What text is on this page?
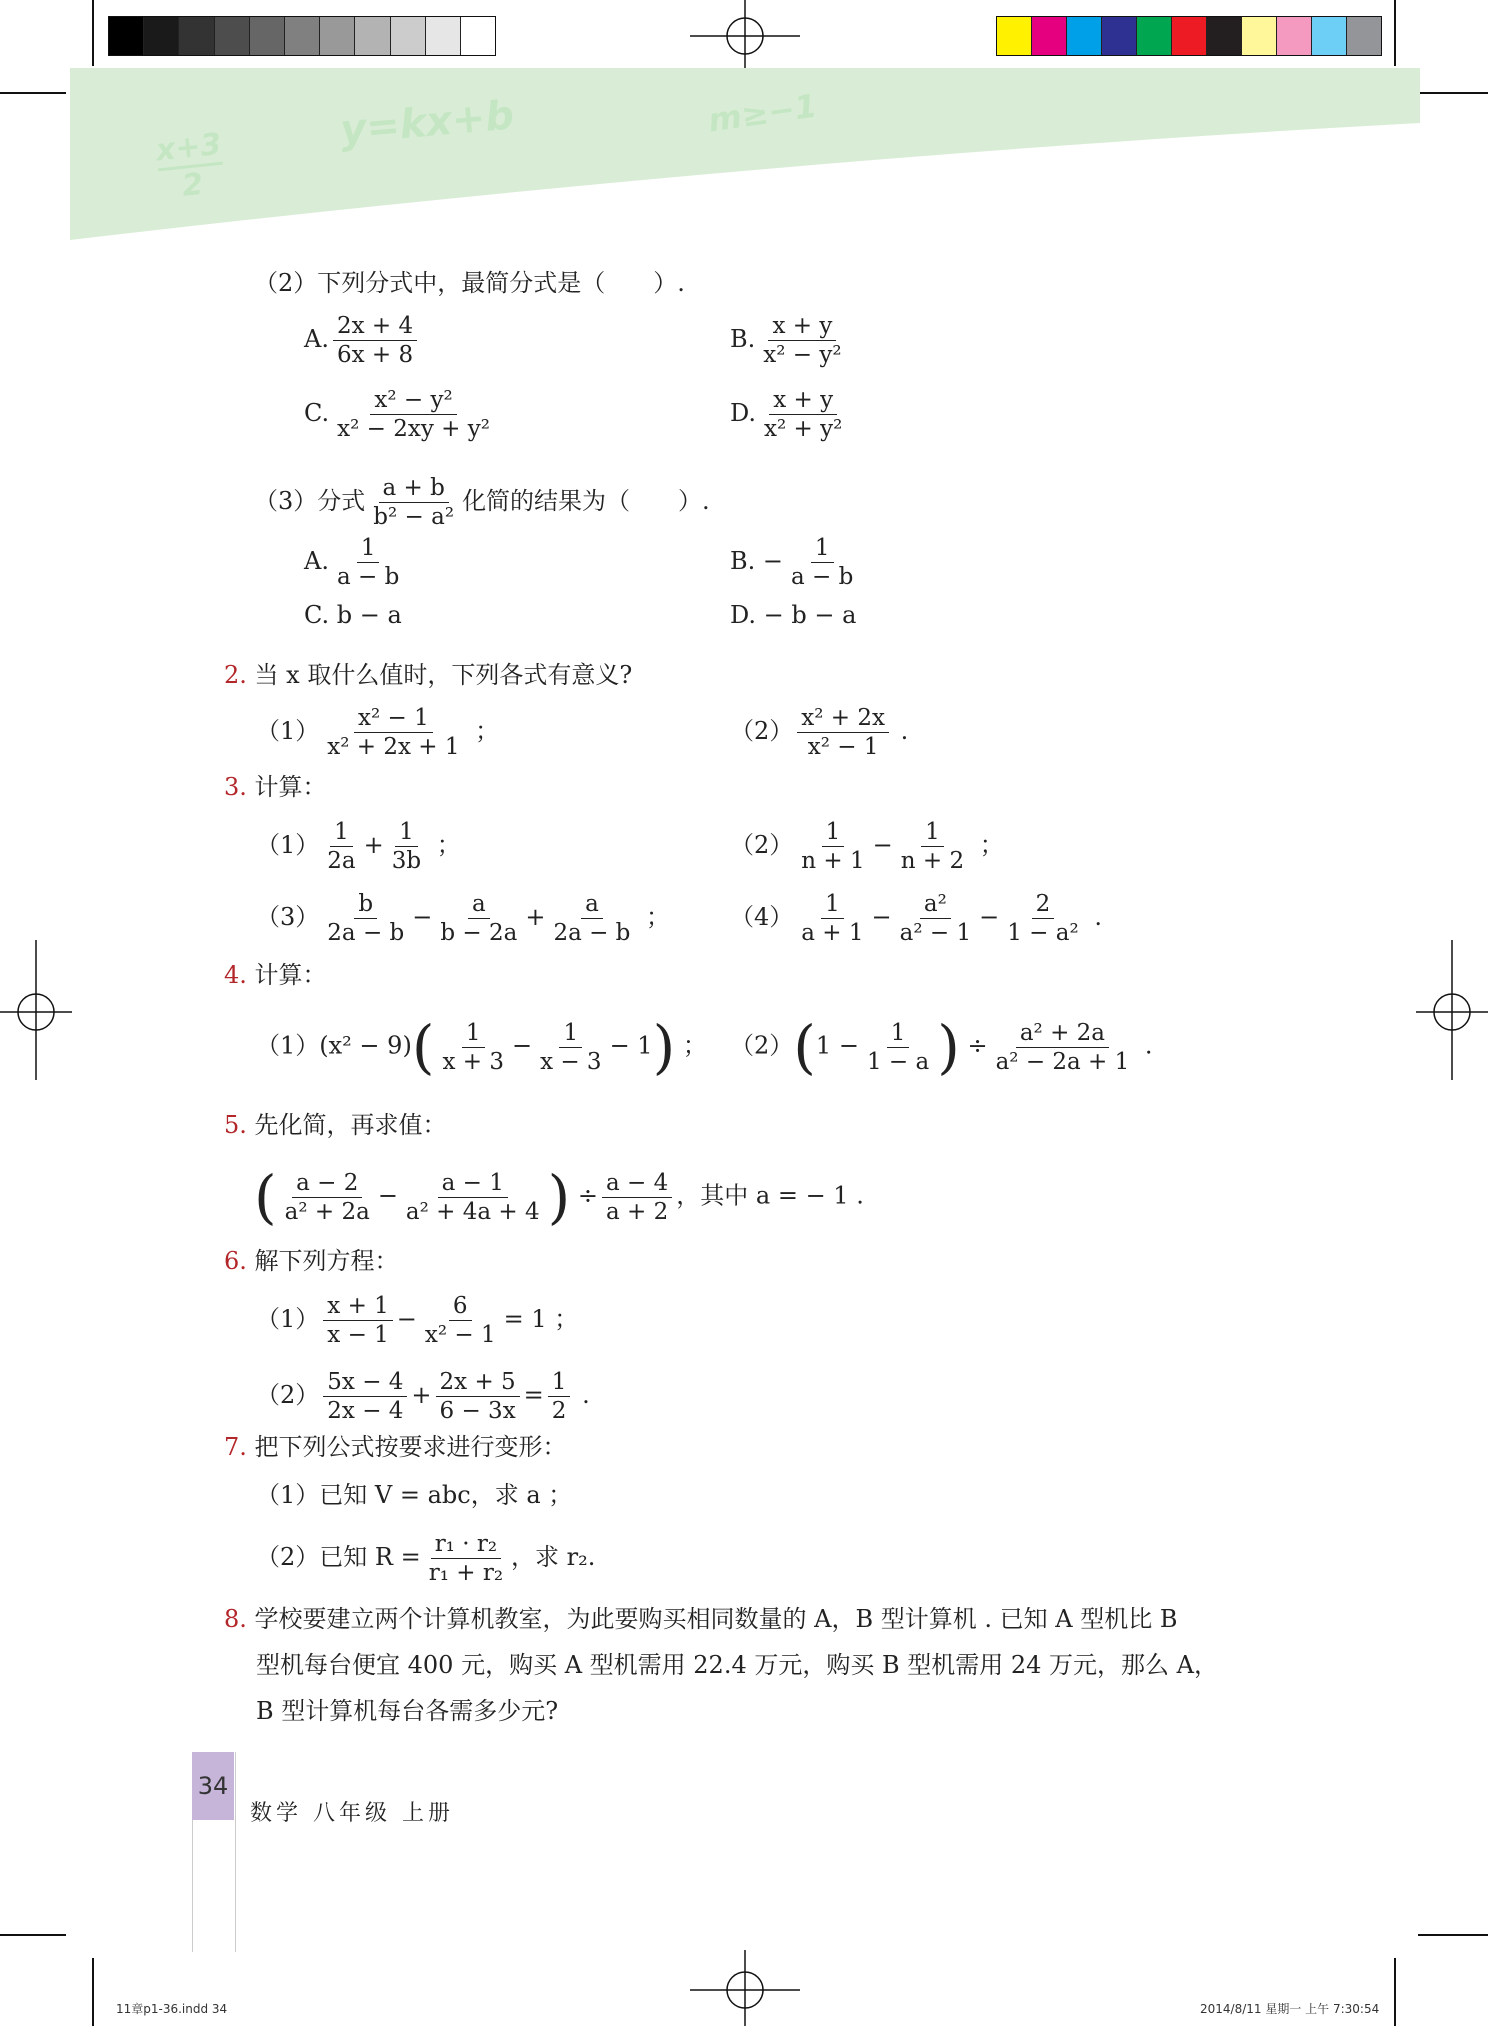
x+3
2
y=kx+b	m≥−1
（2）下列分式中，最简分式是（　　）.
A. $\frac{2x + 4}{6x + 8}$	B. $\frac{x + y}{\text{x² − y²}}$
C. $\frac{\text{x² − y²}}{\text{x² − 2xy + y²}}$	D. $\frac{x + y}{\text{x² + y²}}$
（3）分式 $\frac{a + b}{\text{b² − a²}}$ 化简的结果为（　　）.
A. $\frac{1}{a - b}$	B. − $\frac{1}{a - b}$
C. b − a	D. − b − a
2. 当 x 取什么值时，下列各式有意义?
$(1) \frac{\text{x² − 1}}{\text{x² + 2x + 1}}$ ；	$(2) \frac{\text{x² + 2x}}{\text{x² − 1}}$ .
3. 计算：
$(1) \frac{1}{2a} + \frac{1}{3b}$ ；	$(2) \frac{1}{n + 1} - \frac{1}{n + 2}$ ；
$(3) \frac{b}{2a - b} - \frac{a}{b - 2a} + \frac{a}{2a - b}$ ； $(4) \frac{1}{a + 1} - \frac{\text{a²}}{\text{a² − 1}} - \frac{2}{\text{1 − a²}}$ .
4. 计算：
$(1)(x^2 - 9)( \frac{1}{x + 3} - \frac{1}{x - 3} - 1)$ ； $(2)(1 - \frac{1}{1 - a}$ ) ÷ $\frac{\text{a² + 2a}}{\text{a² − 2a + 1}}$ .
5. 先化简，再求值：
( $\frac{a - 2}{\text{a² + 2a}} - \frac{a - 1}{\text{a² + 4a + 4}}$ ) ÷ $\frac{a - 4}{a + 2}$ ，其中 a = − 1 .
6. 解下列方程：
$(1) \frac{x + 1}{x - 1} - \frac{6}{\text{x² − 1}} = 1$ ；
$(2) \frac{5x - 4}{2x - 4} + \frac{2x + 5}{6 - 3x} = \frac{1}{2}$ .
7. 把下列公式按要求进行变形：
（1）已知 V = abc，求 a ；
（2）已知 $R = \frac{\text{r₁ · r₂}}{\text{r₁ + r₂}}$ ，求 r₂.
8. 学校要建立两个计算机教室，为此要购买相同数量的 A，B 型计算机 . 已知 A 型机比 B
型机每台便宜 400 元，购买 A 型机需用 22.4 万元，购买 B 型机需用 24 万元，那么 A，
B 型计算机每台各需多少元?
34
数学 八年级 上册
11章p1-36.indd 34	2014/8/11 星期一 上午 7:30:54
